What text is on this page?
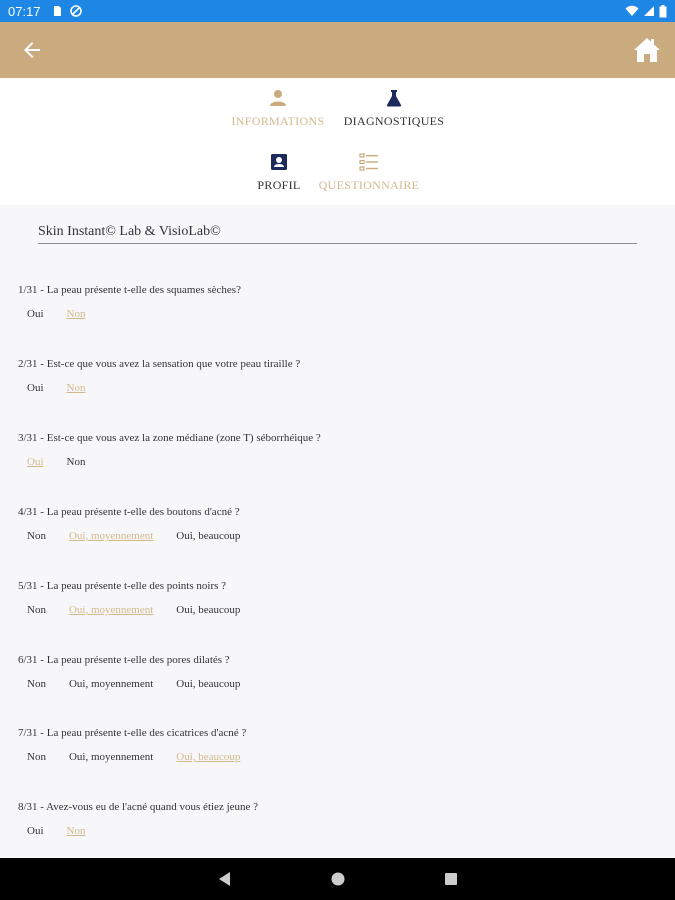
07:17
INFORMATIONS DIAGNOSTIQUES
PROFIL QUESTIONNAIRE
Skin Instant© Lab & VisioLab©
1/31 - La peau présente t-elle des squames sèches?
Oui Non
2/31 - Est-ce que vous avez la sensation que votre peau tiraille ?
Oui Non
3/31 - Est-ce que vous avez la zone médiane (zone T) séborrhéique ?
Oui Non
4/31 - La peau présente t-elle des boutons d'acné ?
Non Oui, moyennement Oui, beaucoup
5/31 - La peau présente t-elle des points noirs ?
Non Oui, moyennement Oui, beaucoup
6/31 - La peau présente t-elle des pores dilatés ?
Non Oui, moyennement Oui, beaucoup
7/31 - La peau présente t-elle des cicatrices d'acné ?
Non Oui, moyennement Oui, beaucoup
8/31 - Avez-vous eu de l'acné quand vous étiez jeune ?
Oui Non
